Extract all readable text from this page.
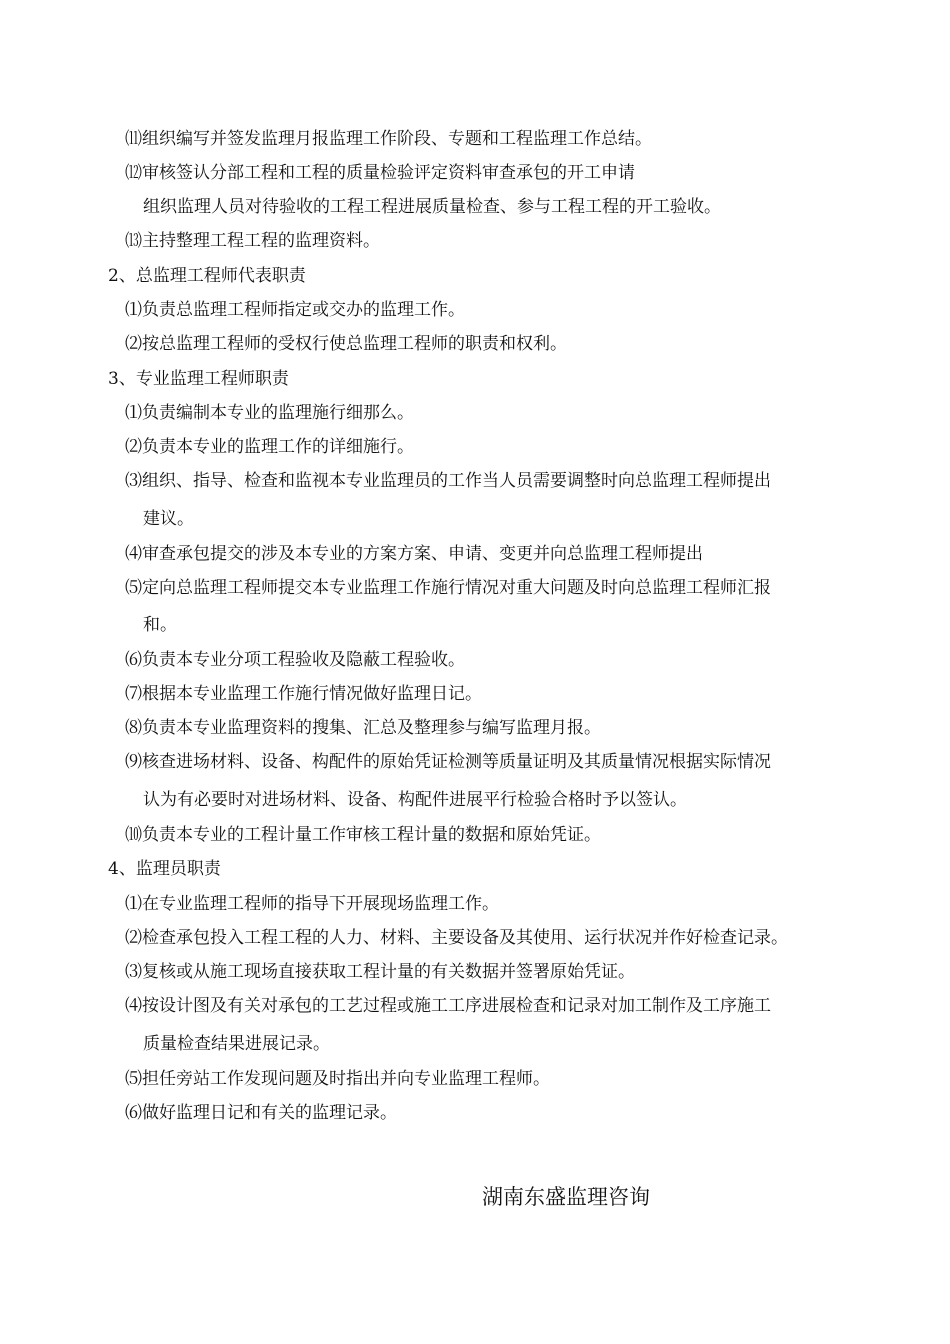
⑾组织编写并签发监理月报监理工作阶段、专题和工程监理工作总结。
⑿审核签认分部工程和工程的质量检验评定资料审查承包的开工申请
组织监理人员对待验收的工程工程进展质量检查、参与工程工程的开工验收。
⒀主持整理工程工程的监理资料。
2、总监理工程师代表职责
⑴负责总监理工程师指定或交办的监理工作。
⑵按总监理工程师的受权行使总监理工程师的职责和权利。
3、专业监理工程师职责
⑴负责编制本专业的监理施行细那么。
⑵负责本专业的监理工作的详细施行。
⑶组织、指导、检查和监视本专业监理员的工作当人员需要调整时向总监理工程师提出
建议。
⑷审查承包提交的涉及本专业的方案方案、申请、变更并向总监理工程师提出
⑸定向总监理工程师提交本专业监理工作施行情况对重大问题及时向总监理工程师汇报
和。
⑹负责本专业分项工程验收及隐蔽工程验收。
⑺根据本专业监理工作施行情况做好监理日记。
⑻负责本专业监理资料的搜集、汇总及整理参与编写监理月报。
⑼核查进场材料、设备、构配件的原始凭证检测等质量证明及其质量情况根据实际情况
认为有必要时对进场材料、设备、构配件进展平行检验合格时予以签认。
⑽负责本专业的工程计量工作审核工程计量的数据和原始凭证。
4、监理员职责
⑴在专业监理工程师的指导下开展现场监理工作。
⑵检查承包投入工程工程的人力、材料、主要设备及其使用、运行状况并作好检查记录。
⑶复核或从施工现场直接获取工程计量的有关数据并签署原始凭证。
⑷按设计图及有关对承包的工艺过程或施工工序进展检查和记录对加工制作及工序施工
质量检查结果进展记录。
⑸担任旁站工作发现问题及时指出并向专业监理工程师。
⑹做好监理日记和有关的监理记录。
湖南东盛监理咨询
